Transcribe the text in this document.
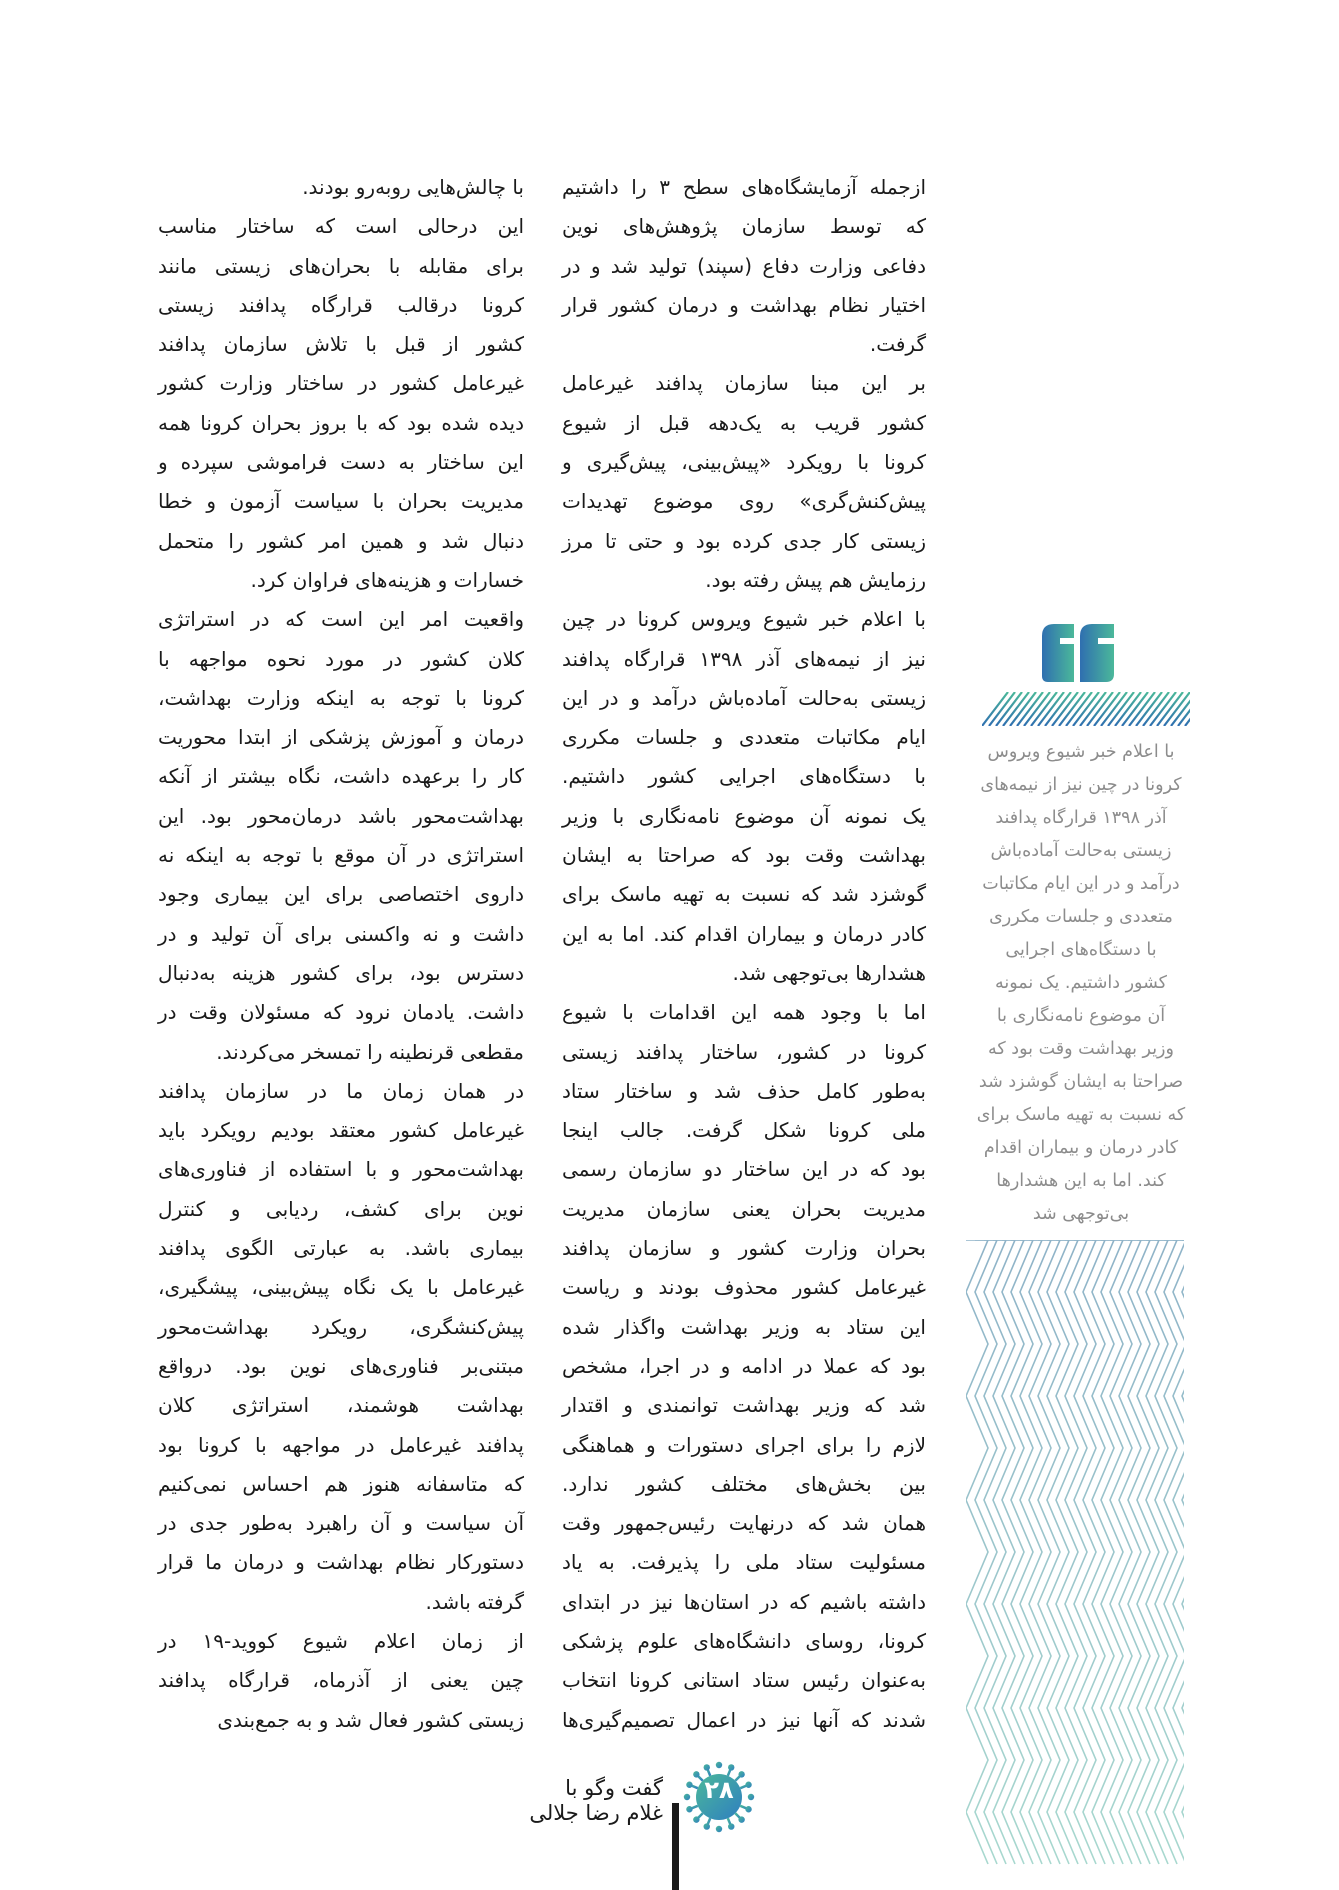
با اعلام خبر شیوع ویروس
کرونا در چین نیز از نیمه‌های
آذر ۱۳۹۸ قرارگاه پدافند
زیستی به‌حالت آماده‌باش
درآمد و در این ایام مکاتبات
متعددی و جلسات مکرری
با دستگاه‌های اجرایی
کشور داشتیم. یک نمونه
آن موضوع نامه‌نگاری با
وزیر بهداشت وقت بود که
صراحتا به ایشان گوشزد شد
که نسبت به تهیه ماسک برای
کادر درمان و بیماران اقدام
کند. اما به این هشدارها
بی‌توجهی شد
ازجمله آزمایشگاه‌های سطح ۳ را داشتیم
که توسط سازمان پژوهش‌های نوین
دفاعی وزارت دفاع (سپند) تولید شد و در
اختیار نظام بهداشت و درمان کشور قرار
گرفت.
بر این مبنا سازمان پدافند غیرعامل
کشور قریب به یک‌دهه قبل از شیوع
کرونا با رویکرد «پیش‌بینی، پیش‌گیری و
پیش‌کنش‌گری» روی موضوع تهدیدات
زیستی کار جدی کرده بود و حتی تا مرز
رزمایش هم پیش رفته بود.
با اعلام خبر شیوع ویروس کرونا در چین
نیز از نیمه‌های آذر ۱۳۹۸ قرارگاه پدافند
زیستی به‌حالت آماده‌باش درآمد و در این
ایام مکاتبات متعددی و جلسات مکرری
با دستگاه‌های اجرایی کشور داشتیم.
یک نمونه آن موضوع نامه‌نگاری با وزیر
بهداشت وقت بود که صراحتا به ایشان
گوشزد شد که نسبت به تهیه ماسک برای
کادر درمان و بیماران اقدام کند. اما به این
هشدارها بی‌توجهی شد.
اما با وجود همه این اقدامات با شیوع
کرونا در کشور، ساختار پدافند زیستی
به‌طور کامل حذف شد و ساختار ستاد
ملی کرونا شکل گرفت. جالب اینجا
بود که در این ساختار دو سازمان رسمی
مدیریت بحران یعنی سازمان مدیریت
بحران وزارت کشور و سازمان پدافند
غیرعامل کشور محذوف بودند و ریاست
این ستاد به وزیر بهداشت واگذار شده
بود که عملا در ادامه و در اجرا، مشخص
شد که وزیر بهداشت توانمندی و اقتدار
لازم را برای اجرای دستورات و هماهنگی
بین بخش‌های مختلف کشور ندارد.
همان شد که درنهایت رئیس‌جمهور وقت
مسئولیت ستاد ملی را پذیرفت. به یاد
داشته باشیم که در استان‌ها نیز در ابتدای
کرونا، روسای دانشگاه‌های علوم پزشکی
به‌عنوان رئیس ستاد استانی کرونا انتخاب
شدند که آنها نیز در اعمال تصمیم‌گیری‌ها
با چالش‌هایی روبه‌رو بودند.
این درحالی است که ساختار مناسب
برای مقابله با بحران‌های زیستی مانند
کرونا درقالب قرارگاه پدافند زیستی
کشور از قبل با تلاش سازمان پدافند
غیرعامل کشور در ساختار وزارت کشور
دیده شده بود که با بروز بحران کرونا همه
این ساختار به دست فراموشی سپرده و
مدیریت بحران با سیاست آزمون و خطا
دنبال شد و همین امر کشور را متحمل
خسارات و هزینه‌های فراوان کرد.
واقعیت امر این است که در استراتژی
کلان کشور در مورد نحوه مواجهه با
کرونا با توجه به اینکه وزارت بهداشت،
درمان و آموزش پزشکی از ابتدا محوریت
کار را برعهده داشت، نگاه بیشتر از آنکه
بهداشت‌محور باشد درمان‌محور بود. این
استراتژی در آن موقع با توجه به اینکه نه
داروی اختصاصی برای این بیماری وجود
داشت و نه واکسنی برای آن تولید و در
دسترس بود، برای کشور هزینه به‌دنبال
داشت. یادمان نرود که مسئولان وقت در
مقطعی قرنطینه را تمسخر می‌کردند.
در همان زمان ما در سازمان پدافند
غیرعامل کشور معتقد بودیم رویکرد باید
بهداشت‌محور و با استفاده از فناوری‌های
نوین برای کشف، ردیابی و کنترل
بیماری باشد. به عبارتی الگوی پدافند
غیرعامل با یک نگاه پیش‌بینی، پیشگیری،
پیش‌کنشگری، رویکرد بهداشت‌محور
مبتنی‌بر فناوری‌های نوین بود. درواقع
بهداشت هوشمند، استراتژی کلان
پدافند غیرعامل در مواجهه با کرونا بود
که متاسفانه هنوز هم احساس نمی‌کنیم
آن سیاست و آن راهبرد به‌طور جدی در
دستورکار نظام بهداشت و درمان ما قرار
گرفته باشد.
از زمان اعلام شیوع کووید-۱۹ در
چین یعنی از آذرماه، قرارگاه پدافند
زیستی کشور فعال شد و به جمع‌بندی
۲۸
گفت وگو با
غلام رضا جلالی
